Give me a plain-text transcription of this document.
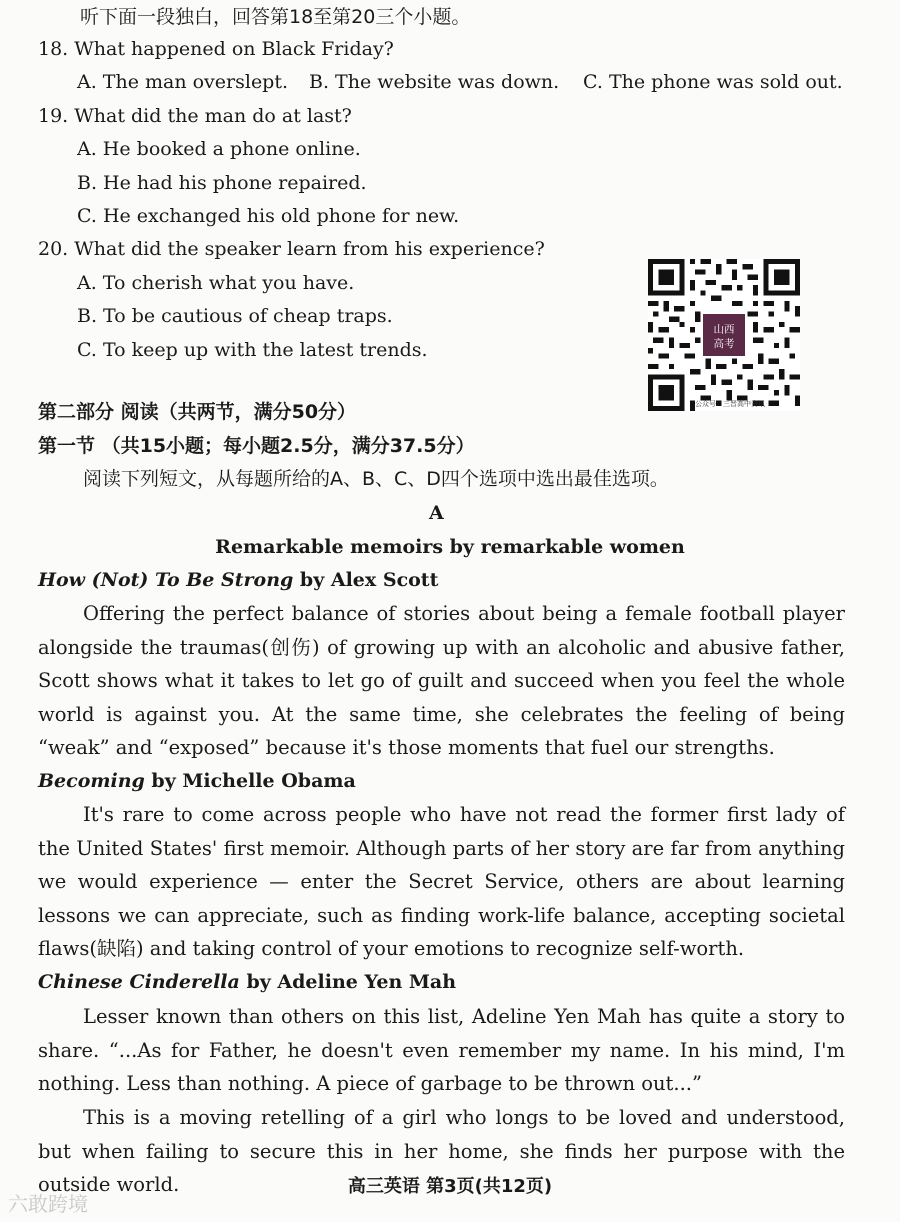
听下面一段独白，回答第18至第20三个小题。
18. What happened on Black Friday?
A. The man overslept. B. The website was down. C. The phone was sold out.
19. What did the man do at last?
A. He booked a phone online.
B. He had his phone repaired.
C. He exchanged his old phone for new.
20. What did the speaker learn from his experience?
A. To cherish what you have.
B. To be cautious of cheap traps.
C. To keep up with the latest trends.
山西
高考
公众号：三晋高中资讯
第二部分 阅读（共两节，满分50分）
第一节 （共15小题；每小题2.5分，满分37.5分）
阅读下列短文，从每题所给的A、B、C、D四个选项中选出最佳选项。
A
Remarkable memoirs by remarkable women
How (Not) To Be Strong by Alex Scott
Offering the perfect balance of stories about being a female football player alongside the traumas(创伤) of growing up with an alcoholic and abusive father, Scott shows what it takes to let go of guilt and succeed when you feel the whole world is against you. At the same time, she celebrates the feeling of being “weak” and “exposed” because it's those moments that fuel our strengths.
Becoming by Michelle Obama
It's rare to come across people who have not read the former first lady of the United States' first memoir. Although parts of her story are far from anything we would experience — enter the Secret Service, others are about learning lessons we can appreciate, such as finding work-life balance, accepting societal flaws(缺陷) and taking control of your emotions to recognize self-worth.
Chinese Cinderella by Adeline Yen Mah
Lesser known than others on this list, Adeline Yen Mah has quite a story to share. “...As for Father, he doesn't even remember my name. In his mind, I'm nothing. Less than nothing. A piece of garbage to be thrown out...”
This is a moving retelling of a girl who longs to be loved and understood, but when failing to secure this in her home, she finds her purpose with the outside world.	高三英语 第3页(共12页)
六敢跨境
